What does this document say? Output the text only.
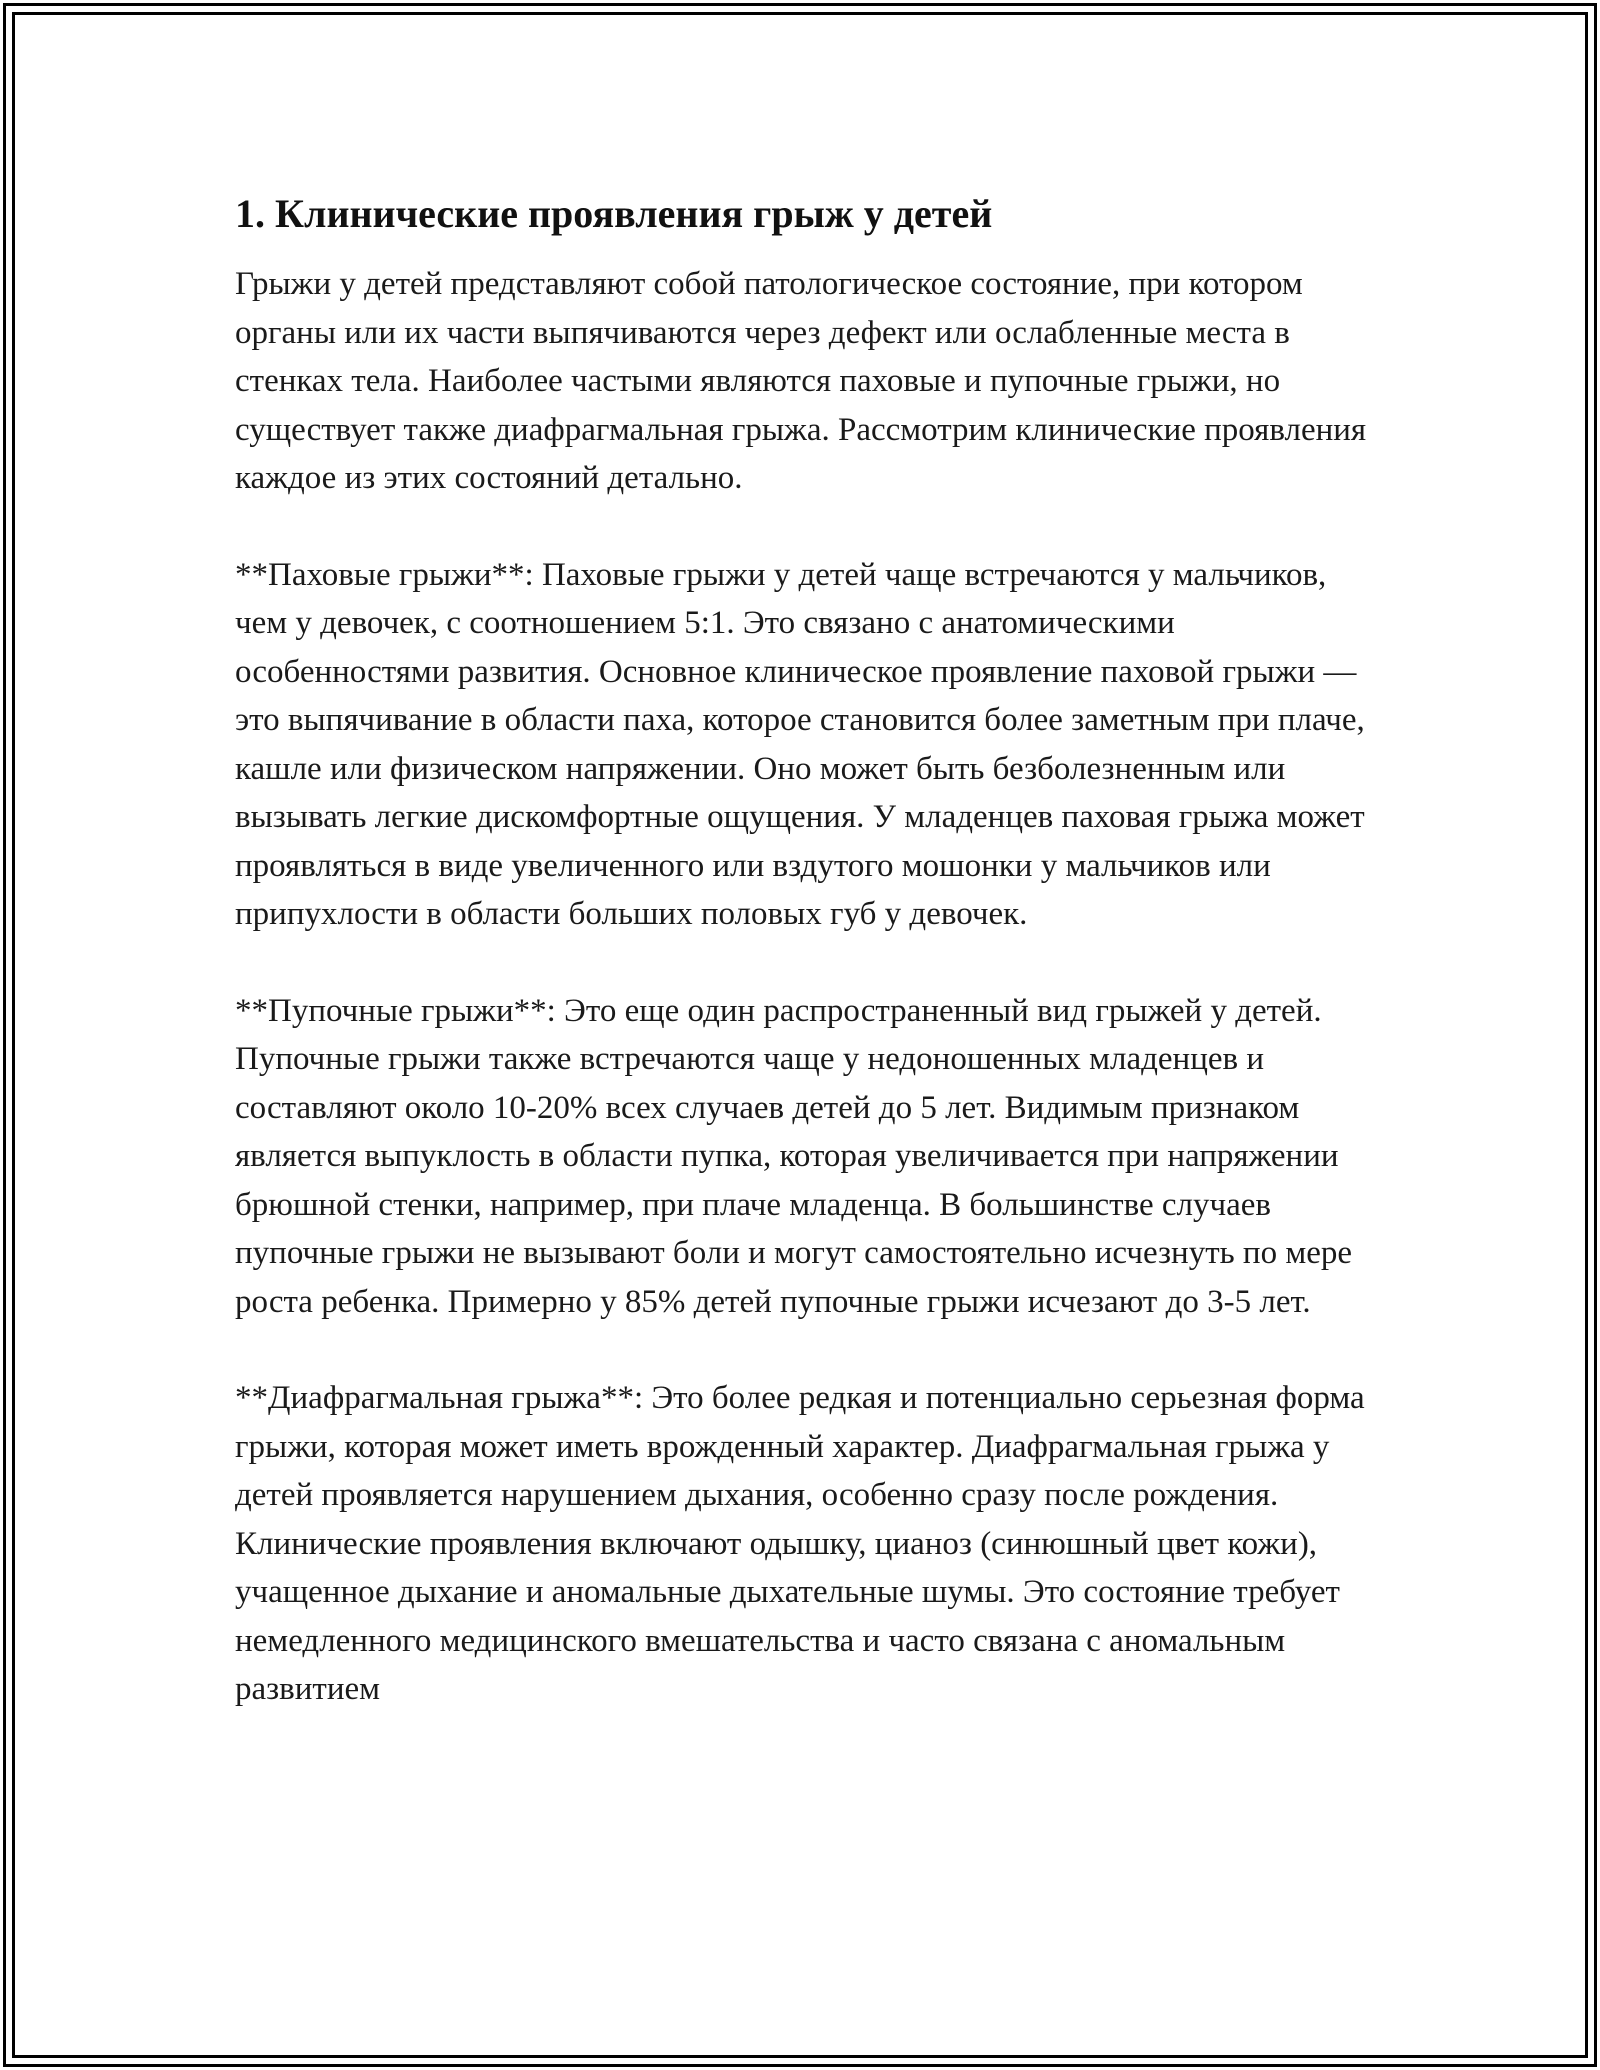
1. Клинические проявления грыж у детей

Грыжи у детей представляют собой патологическое состояние, при котором органы или их части выпячиваются через дефект или ослабленные места в стенках тела. Наиболее частыми являются паховые и пупочные грыжи, но существует также диафрагмальная грыжа. Рассмотрим клинические проявления каждое из этих состояний детально.

**Паховые грыжи**: Паховые грыжи у детей чаще встречаются у мальчиков, чем у девочек, с соотношением 5:1. Это связано с анатомическими особенностями развития. Основное клиническое проявление паховой грыжи — это выпячивание в области паха, которое становится более заметным при плаче, кашле или физическом напряжении. Оно может быть безболезненным или вызывать легкие дискомфортные ощущения. У младенцев паховая грыжа может проявляться в виде увеличенного или вздутого мошонки у мальчиков или припухлости в области больших половых губ у девочек.

**Пупочные грыжи**: Это еще один распространенный вид грыжей у детей. Пупочные грыжи также встречаются чаще у недоношенных младенцев и составляют около 10-20% всех случаев детей до 5 лет. Видимым признаком является выпуклость в области пупка, которая увеличивается при напряжении брюшной стенки, например, при плаче младенца. В большинстве случаев пупочные грыжи не вызывают боли и могут самостоятельно исчезнуть по мере роста ребенка. Примерно у 85% детей пупочные грыжи исчезают до 3-5 лет.

**Диафрагмальная грыжа**: Это более редкая и потенциально серьезная форма грыжи, которая может иметь врожденный характер. Диафрагмальная грыжа у детей проявляется нарушением дыхания, особенно сразу после рождения. Клинические проявления включают одышку, цианоз (синюшный цвет кожи), учащенное дыхание и аномальные дыхательные шумы. Это состояние требует немедленного медицинского вмешательства и часто связана с аномальным развитием
